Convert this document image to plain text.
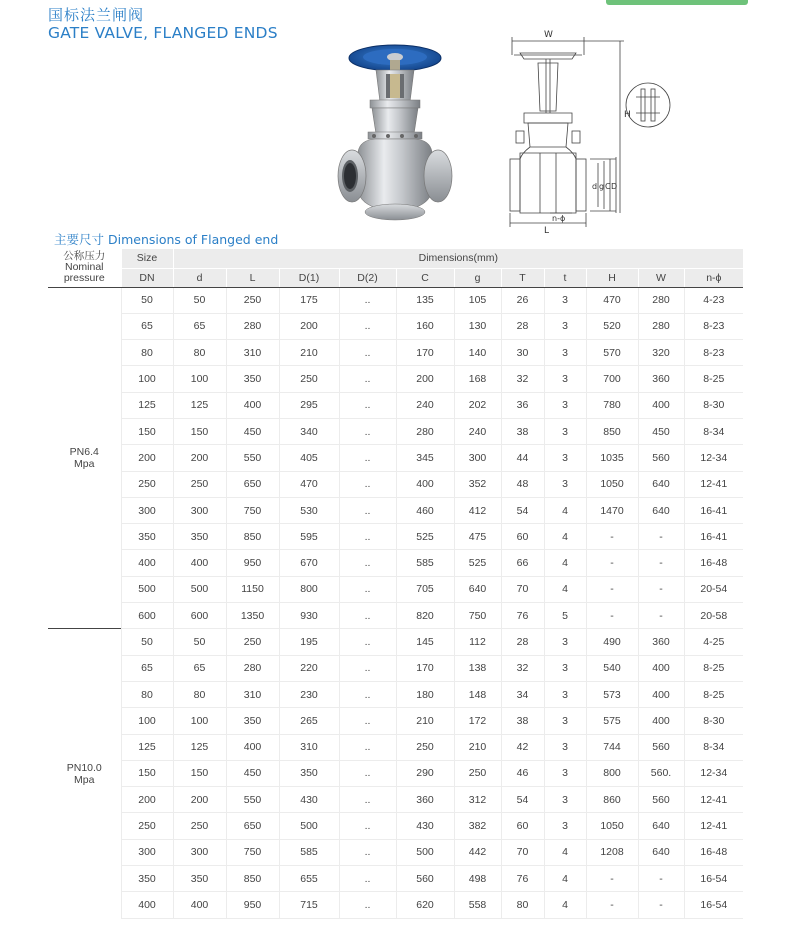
国标法兰闸阀
GATE VALVE, FLANGED ENDS	W
H
d g C D
L
n-ϕ
主要尺寸 Dimensions of Flanged end
公称压力
Nominal
pressure	Size	Dimensions(mm)										
	DN	d	L	D(1)	D(2)	C	g	T	t	H	W	n-ϕ

PN6.4
Mpa	50	50	250	175	..	135	105	26	3	470	280	4-23
	65	65	280	200	..	160	130	28	3	520	280	8-23
	80	80	310	210	..	170	140	30	3	570	320	8-23
	100	100	350	250	..	200	168	32	3	700	360	8-25
	125	125	400	295	..	240	202	36	3	780	400	8-30
	150	150	450	340	..	280	240	38	3	850	450	8-34
	200	200	550	405	..	345	300	44	3	1035	560	12-34
	250	250	650	470	..	400	352	48	3	1050	640	12-41
	300	300	750	530	..	460	412	54	4	1470	640	16-41
	350	350	850	595	..	525	475	60	4	-	-	16-41
	400	400	950	670	..	585	525	66	4	-	-	16-48
	500	500	1150	800	..	705	640	70	4	-	-	20-54
	600	600	1350	930	..	820	750	76	5	-	-	20-58

PN10.0
Mpa	50	50	250	195	..	145	112	28	3	490	360	4-25
	65	65	280	220	..	170	138	32	3	540	400	8-25
	80	80	310	230	..	180	148	34	3	573	400	8-25
	100	100	350	265	..	210	172	38	3	575	400	8-30
	125	125	400	310	..	250	210	42	3	744	560	8-34
	150	150	450	350	..	290	250	46	3	800	560.	12-34
	200	200	550	430	..	360	312	54	3	860	560	12-41
	250	250	650	500	..	430	382	60	3	1050	640	12-41
	300	300	750	585	..	500	442	70	4	1208	640	16-48
	350	350	850	655	..	560	498	76	4	-	-	16-54
	400	400	950	715	..	620	558	80	4	-	-	16-54
